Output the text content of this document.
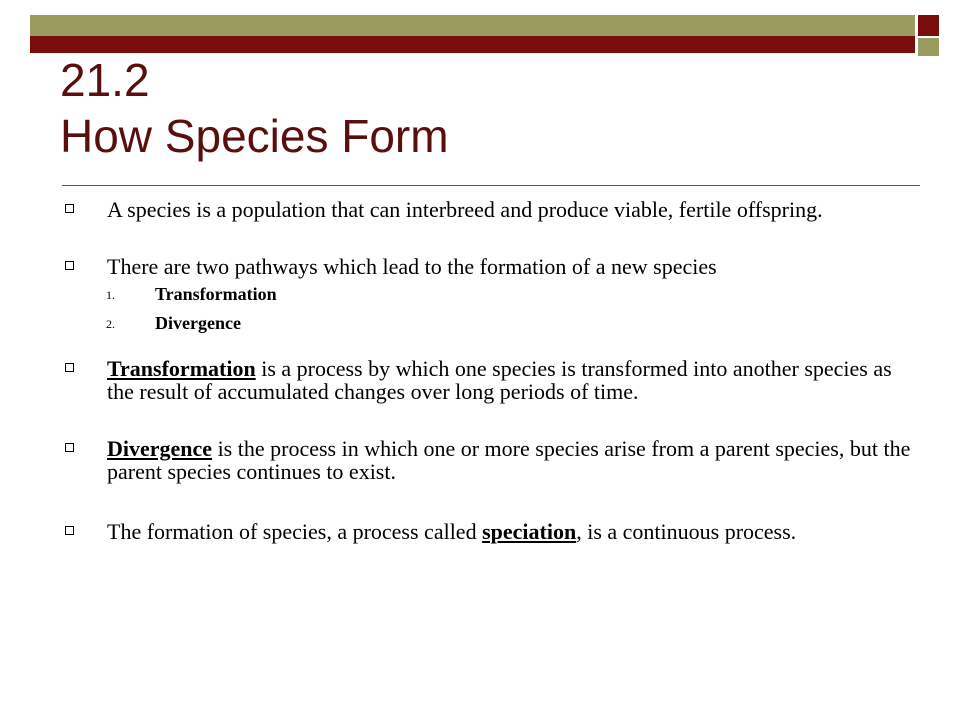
21.2
How Species Form
A species is a population that can interbreed and produce viable, fertile offspring.
There are two pathways which lead to the formation of a new species
1. Transformation
2. Divergence
Transformation is a process by which one species is transformed into another species as the result of accumulated changes over long periods of time.
Divergence is the process in which one or more species arise from a parent species, but the parent species continues to exist.
The formation of species, a process called speciation, is a continuous process.
